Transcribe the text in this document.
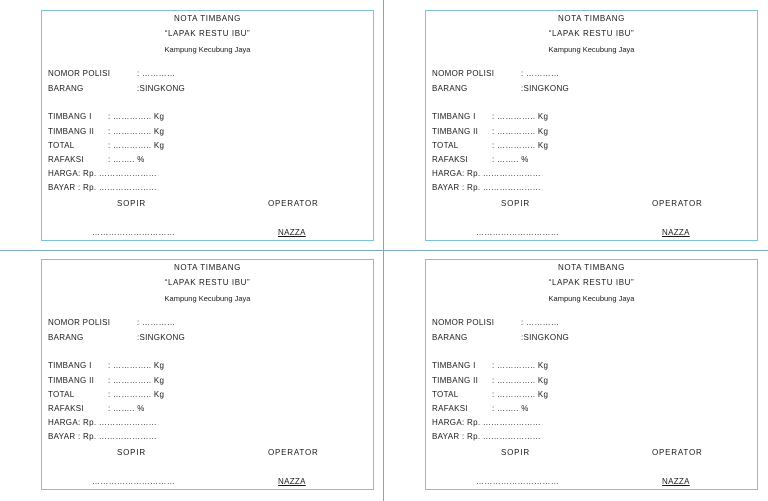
NOTA TIMBANG
“LAPAK RESTU IBU”
Kampung Kecubung Jaya
NOMOR POLISI	: …………
BARANG	:SINGKONG
TIMBANG I : ………….. Kg
TIMBANG II : ………….. Kg
TOTAL	: ………….. Kg
RAFAKSI	: …….. %
HARGA: Rp. …………………
BAYAR : Rp. …………………
SOPIR	OPERATOR
…………………………	NAZZA
NOTA TIMBANG
“LAPAK RESTU IBU”
Kampung Kecubung Jaya
NOMOR POLISI	: …………
BARANG	:SINGKONG
TIMBANG I : ………….. Kg
TIMBANG II : ………….. Kg
TOTAL	: ………….. Kg
RAFAKSI	: …….. %
HARGA: Rp. …………………
BAYAR : Rp. …………………
SOPIR	OPERATOR
…………………………	NAZZA
NOTA TIMBANG
“LAPAK RESTU IBU”
Kampung Kecubung Jaya
NOMOR POLISI	: …………
BARANG	:SINGKONG
TIMBANG I : ………….. Kg
TIMBANG II : ………….. Kg
TOTAL	: ………….. Kg
RAFAKSI	: …….. %
HARGA: Rp. …………………
BAYAR : Rp. …………………
SOPIR	OPERATOR
…………………………	NAZZA
NOTA TIMBANG
“LAPAK RESTU IBU”
Kampung Kecubung Jaya
NOMOR POLISI	: …………
BARANG	:SINGKONG
TIMBANG I : ………….. Kg
TIMBANG II : ………….. Kg
TOTAL	: ………….. Kg
RAFAKSI	: …….. %
HARGA: Rp. …………………
BAYAR : Rp. …………………
SOPIR	OPERATOR
…………………………	NAZZA
